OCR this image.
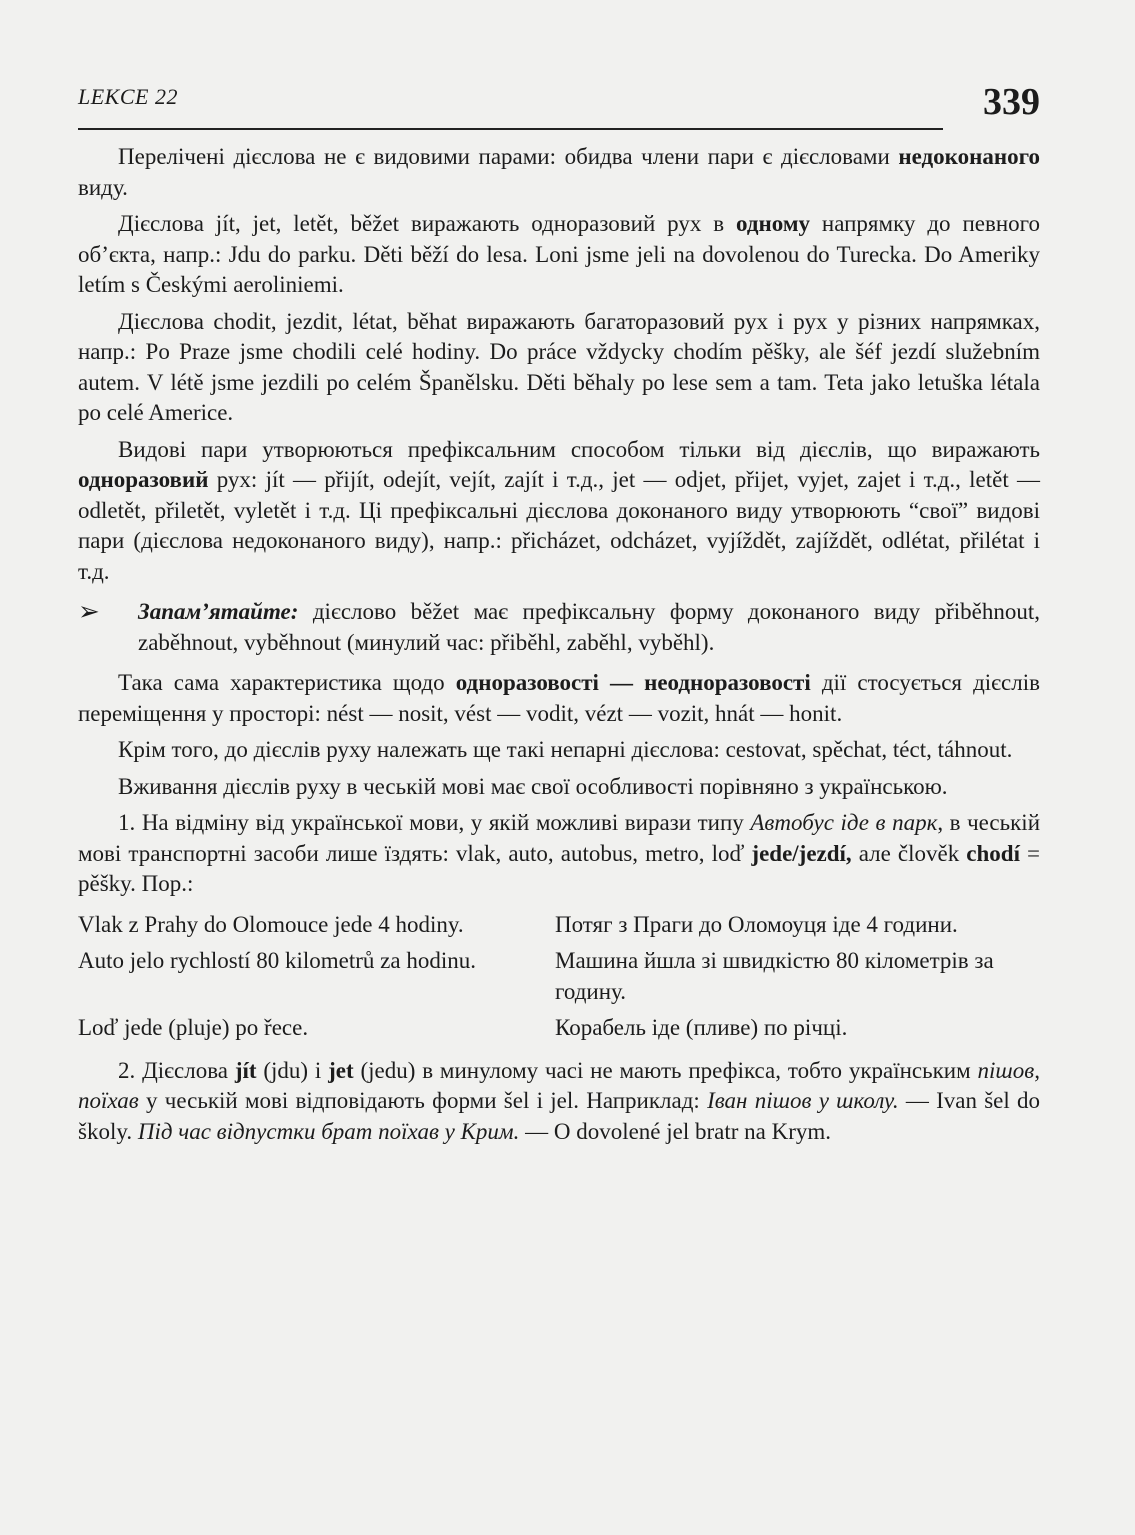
LEKCE 22	339

Перелічені дієслова не є видовими парами: обидва члени пари є дієсловами недоконаного виду.

Дієслова jít, jet, letět, běžet виражають одноразовий рух в одному напрямку до певного об’єкта, напр.: Jdu do parku. Děti běží do lesa. Loni jsme jeli na dovolenou do Turecka. Do Ameriky letím s Českými aeroliniemi.

Дієслова chodit, jezdit, létat, běhat виражають багаторазовий рух і рух у різних напрямках, напр.: Po Praze jsme chodili celé hodiny. Do práce vždycky chodím pěšky, ale šéf jezdí služebním autem. V létě jsme jezdili po celém Španělsku. Děti běhaly po lese sem a tam. Teta jako letuška létala po celé Americe.

Видові пари утворюються префіксальним способом тільки від дієслів, що виражають одноразовий рух: jít — přijít, odejít, vejít, zajít і т.д., jet — odjet, přijet, vyjet, zajet і т.д., letět — odletět, přiletět, vyletět і т.д. Ці префіксальні дієслова доконаного виду утворюють “свої” видові пари (дієслова недоконаного виду), напр.: přicházet, odcházet, vyjíždět, zajíždět, odlétat, přilétat і т.д.

➢ Запам’ятайте: дієслово běžet має префіксальну форму доконаного виду přiběhnout, zaběhnout, vyběhnout (минулий час: přiběhl, zaběhl, vyběhl).

Така сама характеристика щодо одноразовості — неодноразовості дії стосується дієслів переміщення у просторі: nést — nosit, vést — vodit, vézt — vozit, hnát — honit.

Крім того, до дієслів руху належать ще такі непарні дієслова: cestovat, spěchat, téct, táhnout.

Вживання дієслів руху в чеській мові має свої особливості порівняно з українською.

1. На відміну від української мови, у якій можливі вирази типу Автобус іде в парк, в чеській мові транспортні засоби лише їздять: vlak, auto, autobus, metro, loď jede/jezdí, але člověk chodí = pěšky. Пор.:

Vlak z Prahy do Olomouce jede 4 hodiny.	Потяг з Праги до Оломоуця іде 4 години.
Auto jelo rychlostí 80 kilometrů za hodinu.	Машина йшла зі швидкістю 80 кілометрів за годину.
Loď jede (pluje) po řece.	Корабель іде (пливе) по річці.

2. Дієслова jít (jdu) і jet (jedu) в минулому часі не мають префікса, тобто українським пішов, поїхав у чеській мові відповідають форми šel і jel. Наприклад: Іван пішов у школу. — Ivan šel do školy. Під час відпустки брат поїхав у Крим. — O dovolené jel bratr na Krym.
